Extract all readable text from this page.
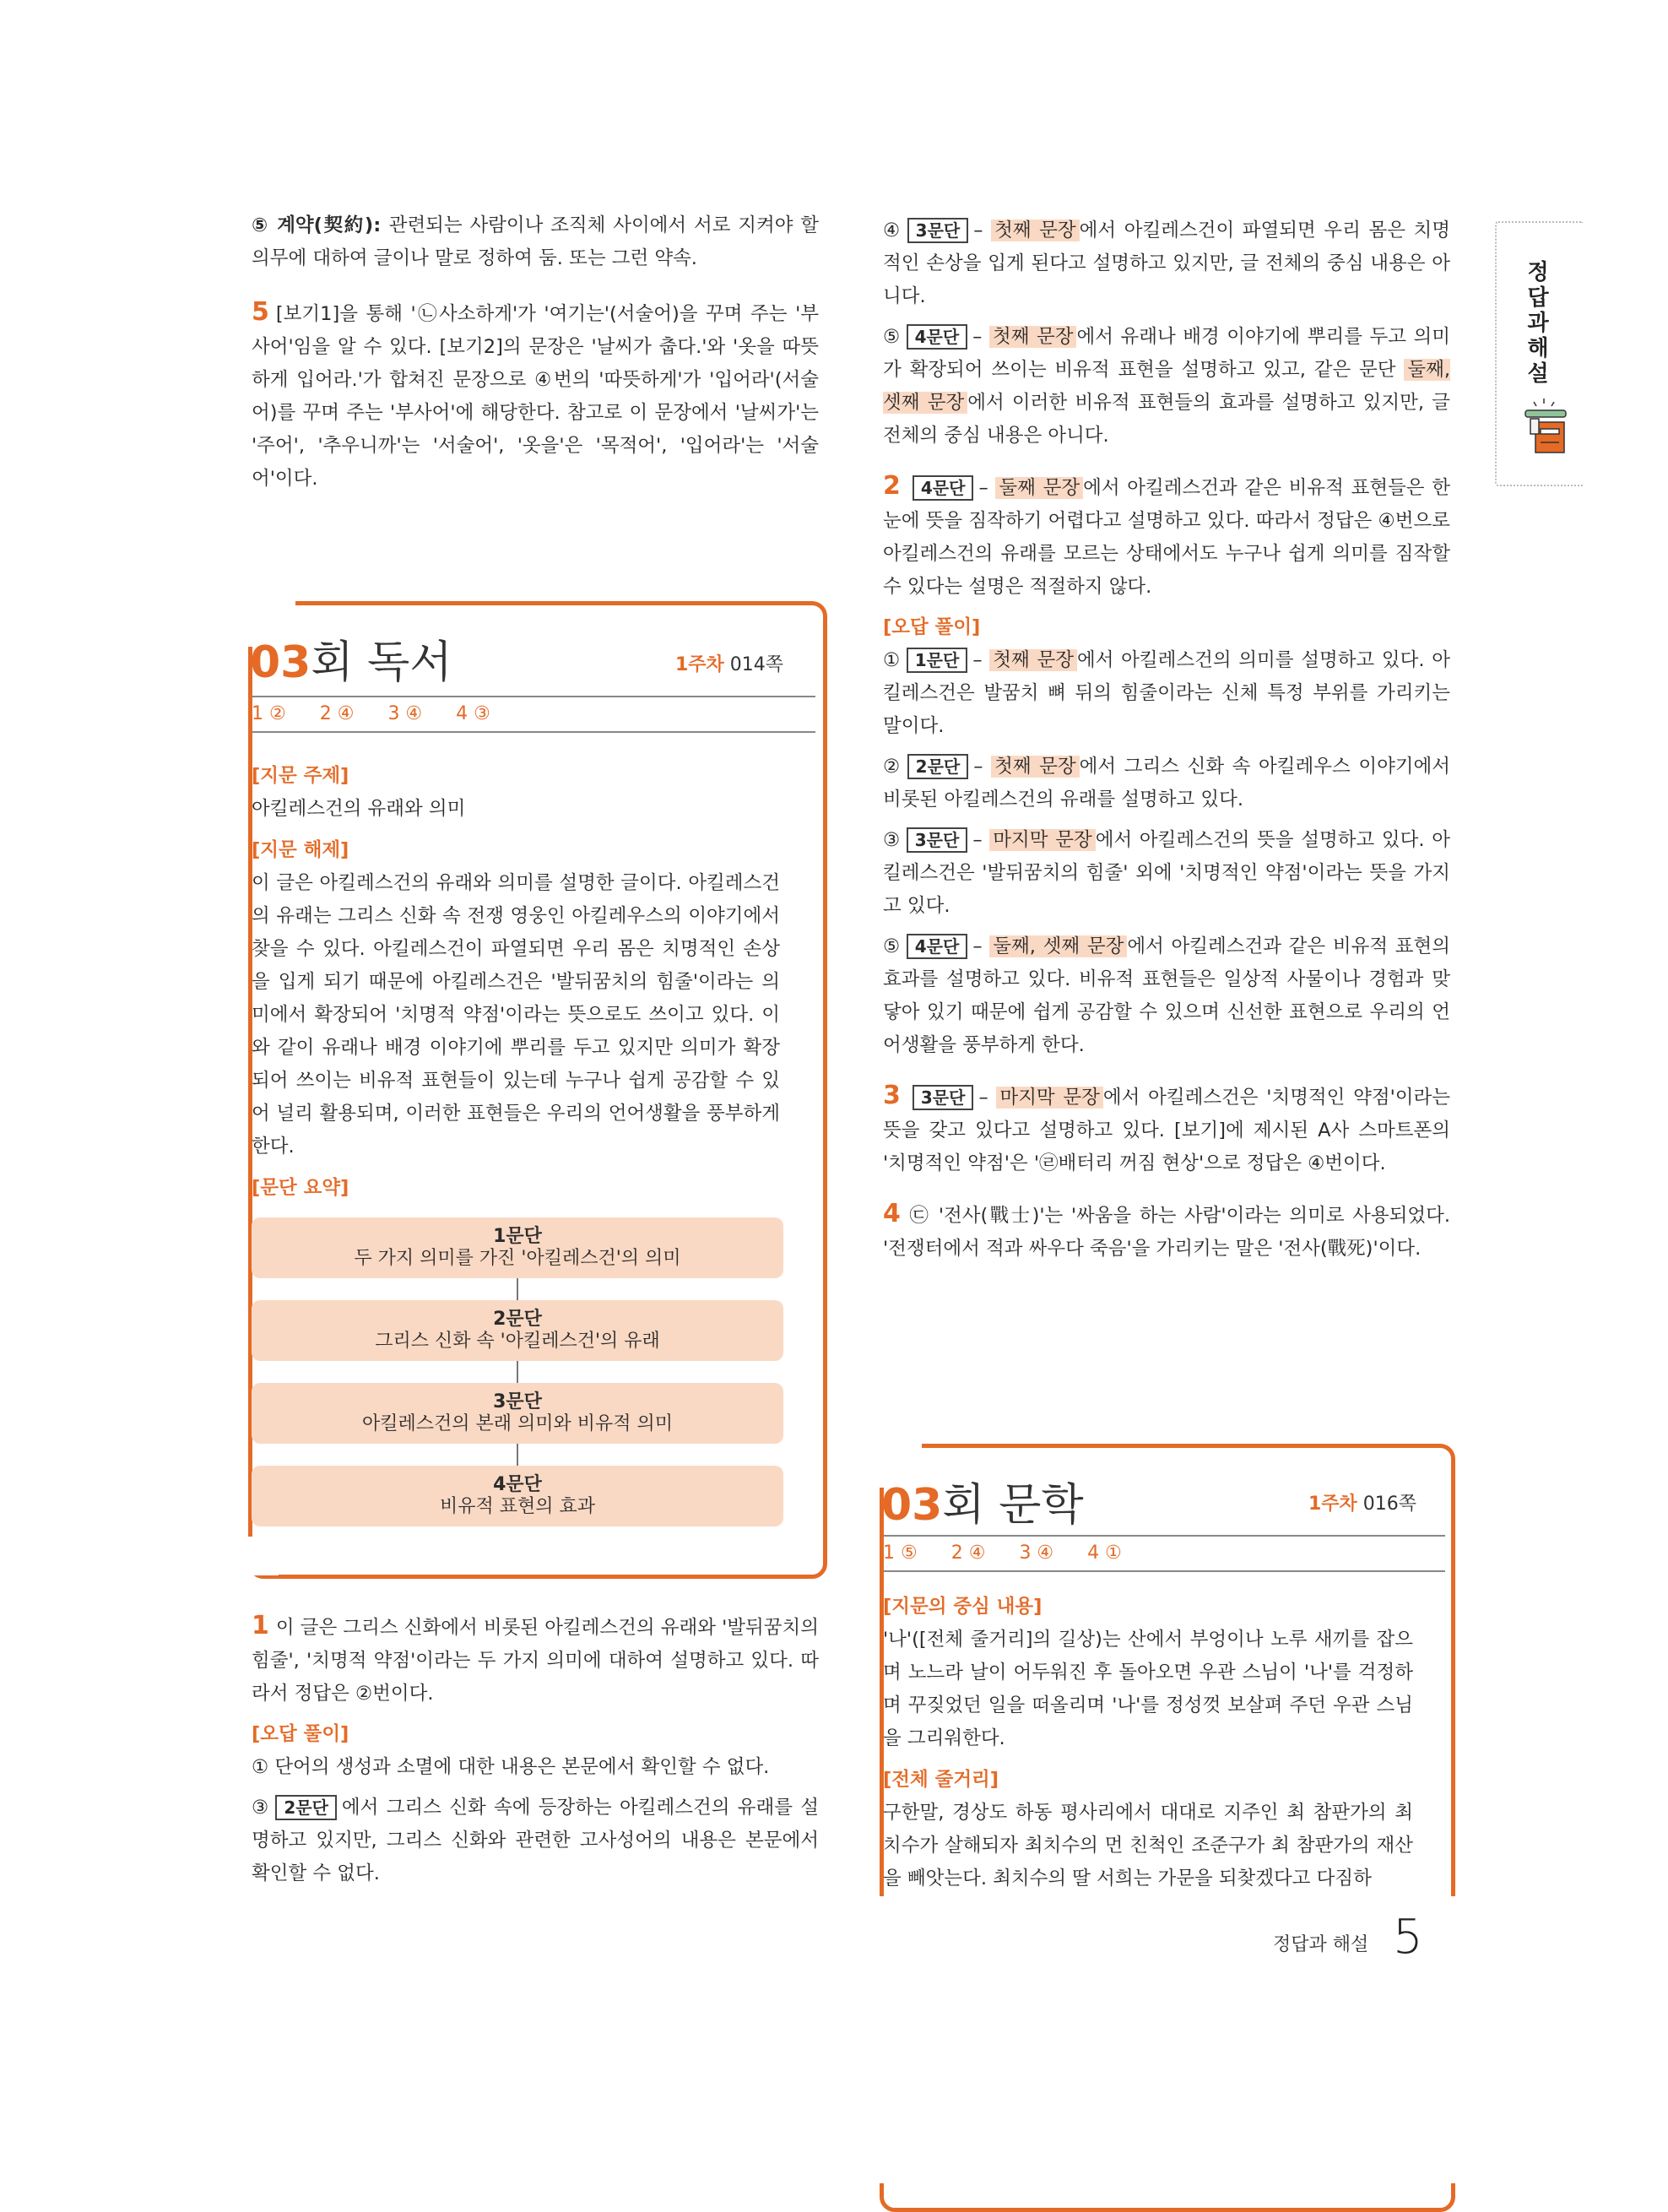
⑤ 계약(契約): 관련되는 사람이나 조직체 사이에서 서로 지켜야 할 의무에 대하여 글이나 말로 정하여 둠. 또는 그런 약속.

5 [보기1]을 통해 '㉡사소하게'가 '여기는'(서술어)을 꾸며 주는 '부사어'임을 알 수 있다. [보기2]의 문장은 '날씨가 춥다.'와 '옷을 따뜻하게 입어라.'가 합쳐진 문장으로 ④번의 '따뜻하게'가 '입어라'(서술어)를 꾸며 주는 '부사어'에 해당한다. 참고로 이 문장에서 '날씨가'는 '주어', '추우니까'는 '서술어', '옷을'은 '목적어', '입어라'는 '서술어'이다.

03회 독서	1주차 014쪽
1 ② 2 ④ 3 ④ 4 ③
[지문 주제]
아킬레스건의 유래와 의미
[지문 해제]
이 글은 아킬레스건의 유래와 의미를 설명한 글이다. 아킬레스건의 유래는 그리스 신화 속 전쟁 영웅인 아킬레우스의 이야기에서 찾을 수 있다. 아킬레스건이 파열되면 우리 몸은 치명적인 손상을 입게 되기 때문에 아킬레스건은 '발뒤꿈치의 힘줄'이라는 의미에서 확장되어 '치명적 약점'이라는 뜻으로도 쓰이고 있다. 이와 같이 유래나 배경 이야기에 뿌리를 두고 있지만 의미가 확장되어 쓰이는 비유적 표현들이 있는데 누구나 쉽게 공감할 수 있어 널리 활용되며, 이러한 표현들은 우리의 언어생활을 풍부하게 한다.
[문단 요약]
1문단
두 가지 의미를 가진 '아킬레스건'의 의미
2문단
그리스 신화 속 '아킬레스건'의 유래
3문단
아킬레스건의 본래 의미와 비유적 의미
4문단
비유적 표현의 효과

1 이 글은 그리스 신화에서 비롯된 아킬레스건의 유래와 '발뒤꿈치의 힘줄', '치명적 약점'이라는 두 가지 의미에 대하여 설명하고 있다. 따라서 정답은 ②번이다.

[오답 풀이]

① 단어의 생성과 소멸에 대한 내용은 본문에서 확인할 수 없다.

③ 2문단 에서 그리스 신화 속에 등장하는 아킬레스건의 유래를 설명하고 있지만, 그리스 신화와 관련한 고사성어의 내용은 본문에서 확인할 수 없다.

④ 3문단 – 첫째 문장 에서 아킬레스건이 파열되면 우리 몸은 치명적인 손상을 입게 된다고 설명하고 있지만, 글 전체의 중심 내용은 아니다.

⑤ 4문단 – 첫째 문장 에서 유래나 배경 이야기에 뿌리를 두고 의미가 확장되어 쓰이는 비유적 표현을 설명하고 있고, 같은 문단 둘째, 셋째 문장 에서 이러한 비유적 표현들의 효과를 설명하고 있지만, 글 전체의 중심 내용은 아니다.

2 4문단 – 둘째 문장 에서 아킬레스건과 같은 비유적 표현들은 한눈에 뜻을 짐작하기 어렵다고 설명하고 있다. 따라서 정답은 ④번으로 아킬레스건의 유래를 모르는 상태에서도 누구나 쉽게 의미를 짐작할 수 있다는 설명은 적절하지 않다.

[오답 풀이]

① 1문단 – 첫째 문장 에서 아킬레스건의 의미를 설명하고 있다. 아킬레스건은 발꿈치 뼈 뒤의 힘줄이라는 신체 특정 부위를 가리키는 말이다.

② 2문단 – 첫째 문장 에서 그리스 신화 속 아킬레우스 이야기에서 비롯된 아킬레스건의 유래를 설명하고 있다.

③ 3문단 – 마지막 문장 에서 아킬레스건의 뜻을 설명하고 있다. 아킬레스건은 '발뒤꿈치의 힘줄' 외에 '치명적인 약점'이라는 뜻을 가지고 있다.

⑤ 4문단 – 둘째, 셋째 문장 에서 아킬레스건과 같은 비유적 표현의 효과를 설명하고 있다. 비유적 표현들은 일상적 사물이나 경험과 맞닿아 있기 때문에 쉽게 공감할 수 있으며 신선한 표현으로 우리의 언어생활을 풍부하게 한다.

3 3문단 – 마지막 문장 에서 아킬레스건은 '치명적인 약점'이라는 뜻을 갖고 있다고 설명하고 있다. [보기]에 제시된 A사 스마트폰의 '치명적인 약점'은 '㉣배터리 꺼짐 현상'으로 정답은 ④번이다.

4 ㉢ '전사(戰士)'는 '싸움을 하는 사람'이라는 의미로 사용되었다. '전쟁터에서 적과 싸우다 죽음'을 가리키는 말은 '전사(戰死)'이다.

03회 문학	1주차 016쪽
1 ⑤ 2 ④ 3 ④ 4 ①
[지문의 중심 내용]
'나'([전체 줄거리]의 길상)는 산에서 부엉이나 노루 새끼를 잡으며 노느라 날이 어두워진 후 돌아오면 우관 스님이 '나'를 걱정하며 꾸짖었던 일을 떠올리며 '나'를 정성껏 보살펴 주던 우관 스님을 그리워한다.
[전체 줄거리]
구한말, 경상도 하동 평사리에서 대대로 지주인 최 참판가의 최치수가 살해되자 최치수의 먼 친척인 조준구가 최 참판가의 재산을 빼앗는다. 최치수의 딸 서희는 가문을 되찾겠다고 다짐하
정
답
과
해
설
정답과 해설 5
